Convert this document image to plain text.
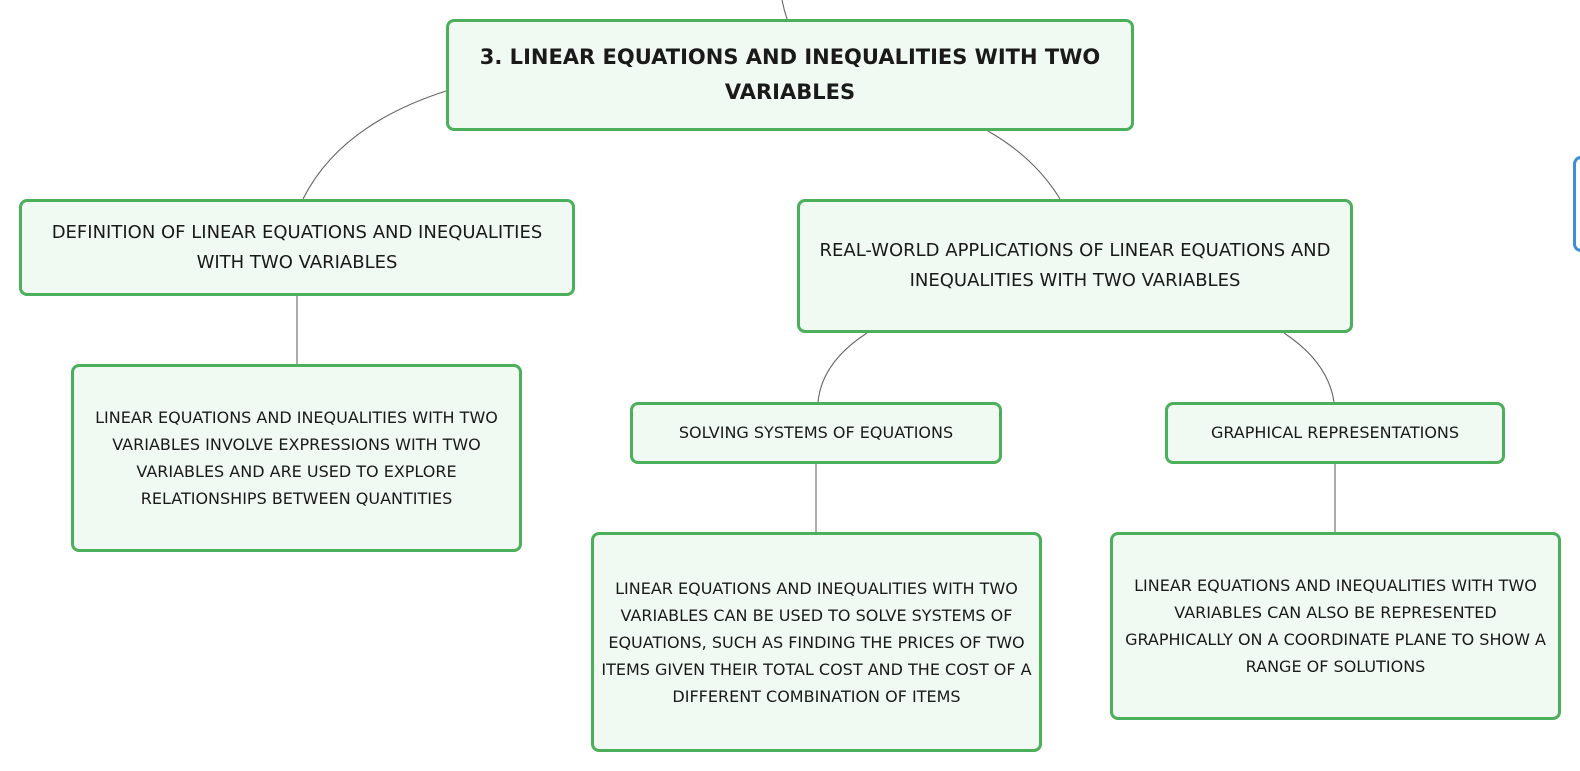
3. LINEAR EQUATIONS AND INEQUALITIES WITH TWO VARIABLES
DEFINITION OF LINEAR EQUATIONS AND INEQUALITIES WITH TWO VARIABLES
REAL-WORLD APPLICATIONS OF LINEAR EQUATIONS AND INEQUALITIES WITH TWO VARIABLES
LINEAR EQUATIONS AND INEQUALITIES WITH TWO VARIABLES INVOLVE EXPRESSIONS WITH TWO VARIABLES AND ARE USED TO EXPLORE RELATIONSHIPS BETWEEN QUANTITIES
SOLVING SYSTEMS OF EQUATIONS	GRAPHICAL REPRESENTATIONS
LINEAR EQUATIONS AND INEQUALITIES WITH TWO VARIABLES CAN BE USED TO SOLVE SYSTEMS OF EQUATIONS, SUCH AS FINDING THE PRICES OF TWO ITEMS GIVEN THEIR TOTAL COST AND THE COST OF A DIFFERENT COMBINATION OF ITEMS
LINEAR EQUATIONS AND INEQUALITIES WITH TWO VARIABLES CAN ALSO BE REPRESENTED GRAPHICALLY ON A COORDINATE PLANE TO SHOW A RANGE OF SOLUTIONS
